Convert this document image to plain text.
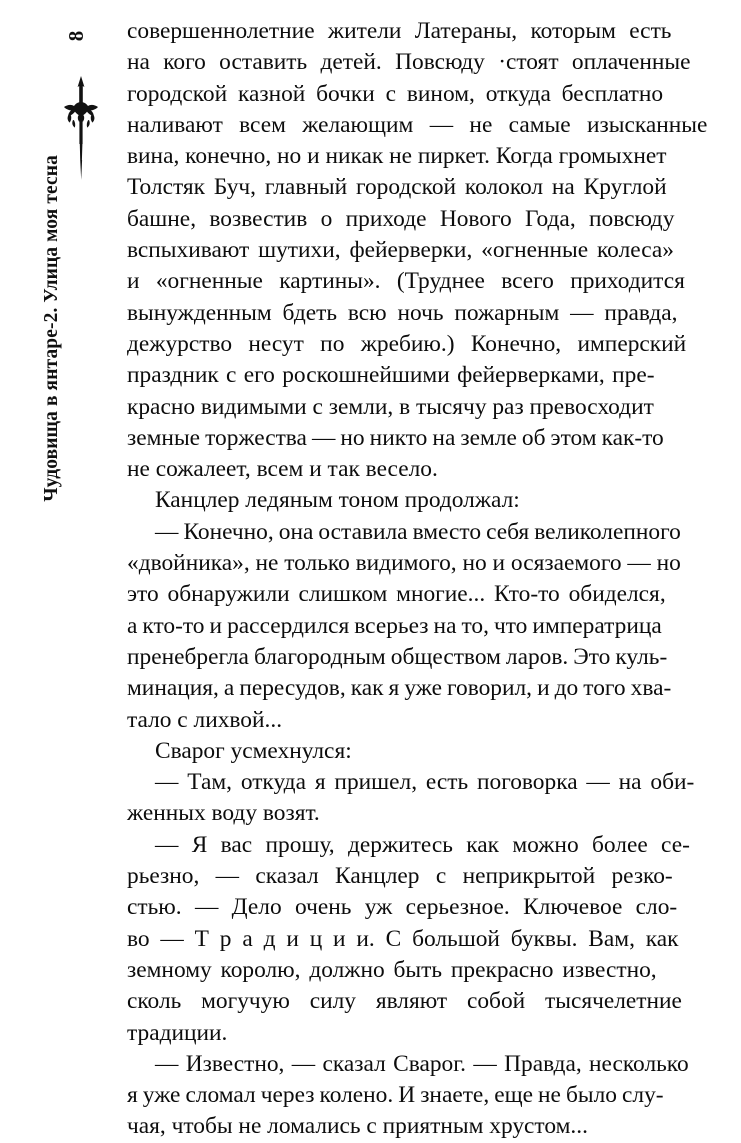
8
Чудовища в янтаре-2. Улица моя тесна
совершеннолетние жители Латераны, которым есть
на кого оставить детей. Повсюду ·стоят оплаченные
городской казной бочки с вином, откуда бесплатно
наливают всем желающим — не самые изысканные
вина, конечно, но и никак не пиркет. Когда громыхнет
Толстяк Буч, главный городской колокол на Круглой
башне, возвестив о приходе Нового Года, повсюду
вспыхивают шутихи, фейерверки, «огненные колеса»
и «огненные картины». (Труднее всего приходится
вынужденным бдеть всю ночь пожарным — правда,
дежурство несут по жребию.) Конечно, имперский
праздник с его роскошнейшими фейерверками, пре-
красно видимыми с земли, в тысячу раз превосходит
земные торжества — но никто на земле об этом как-то
не сожалеет, всем и так весело.
Канцлер ледяным тоном продолжал:
— Конечно, она оставила вместо себя великолепного
«двойника», не только видимого, но и осязаемого — но
это обнаружили слишком многие... Кто-то обиделся,
а кто-то и рассердился всерьез на то, что императрица
пренебрегла благородным обществом ларов. Это куль-
минация, а пересудов, как я уже говорил, и до того хва-
тало с лихвой...
Сварог усмехнулся:
— Там, откуда я пришел, есть поговорка — на оби-
женных воду возят.
— Я вас прошу, держитесь как можно более се-
рьезно, — сказал Канцлер с неприкрытой резко-
стью. — Дело очень уж серьезное. Ключевое сло-
во — Т р а д и ц и и. С большой буквы. Вам, как
земному королю, должно быть прекрасно известно,
сколь могучую силу являют собой тысячелетние
традиции.
— Известно, — сказал Сварог. — Правда, несколько
я уже сломал через колено. И знаете, еще не было слу-
чая, чтобы не ломались с приятным хрустом...
